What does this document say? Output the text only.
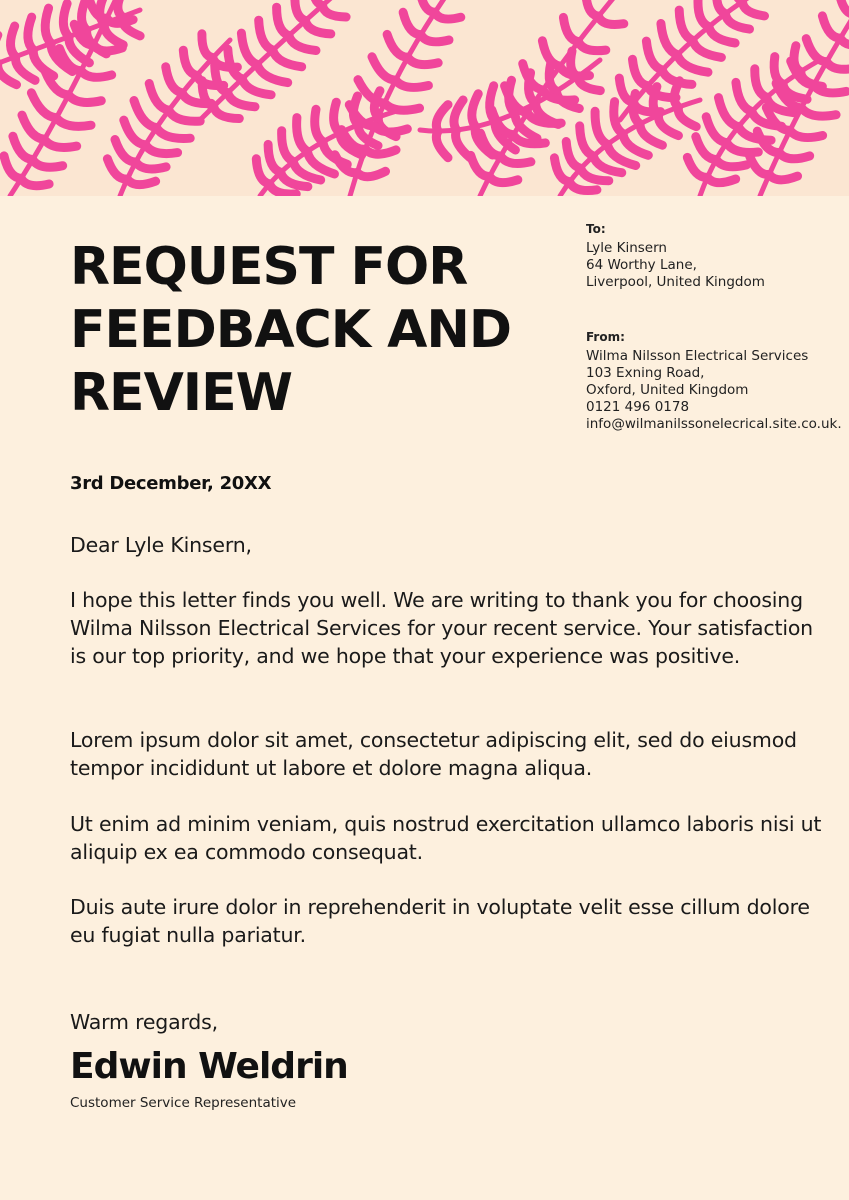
REQUEST FOR
FEEDBACK AND
REVIEW
To:
Lyle Kinsern
64 Worthy Lane,
Liverpool, United Kingdom
From:
Wilma Nilsson Electrical Services
103 Exning Road,
Oxford, United Kingdom
0121 496 0178
info@wilmanilssonelecrical.site.co.uk.
3rd December, 20XX

Dear Lyle Kinsern,

I hope this letter finds you well. We are writing to thank you for choosing Wilma Nilsson Electrical Services for your recent service. Your satisfaction is our top priority, and we hope that your experience was positive.

Lorem ipsum dolor sit amet, consectetur adipiscing elit, sed do eiusmod tempor incididunt ut labore et dolore magna aliqua.

Ut enim ad minim veniam, quis nostrud exercitation ullamco laboris nisi ut aliquip ex ea commodo consequat.

Duis aute irure dolor in reprehenderit in voluptate velit esse cillum dolore eu fugiat nulla pariatur.

Warm regards,

Edwin Weldrin
Customer Service Representative
